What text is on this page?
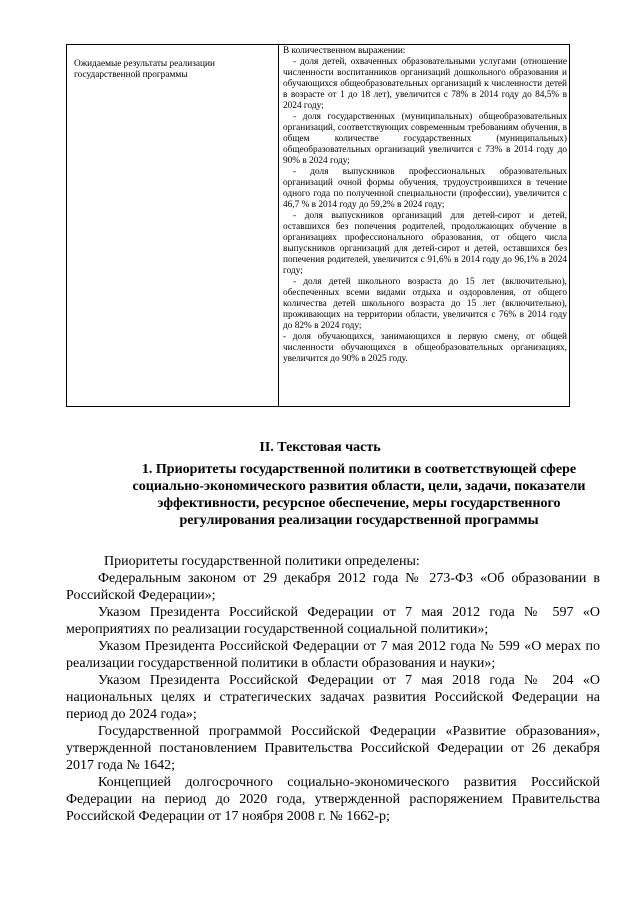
Ожидаемые результаты реализации государственной программы

В количественном выражении:

- доля детей, охваченных образовательными услугами (отношение численности воспитанников организаций дошкольного образования и обучающихся общеобразовательных организаций к численности детей в возрасте от 1 до 18 лет), увеличится с 78% в 2014 году до 84,5% в 2024 году;

- доля государственных (муниципальных) общеобразовательных организаций, соответствующих современным требованиям обучения, в общем количестве государственных (муниципальных) общеобразовательных организаций увеличится с 73% в 2014 году до 90% в 2024 году;

- доля выпускников профессиональных образовательных организаций очной формы обучения, трудоустроившихся в течение одного года по полученной специальности (профессии), увеличится с 46,7 % в 2014 году до 59,2% в 2024 году;

- доля выпускников организаций для детей-сирот и детей, оставшихся без попечения родителей, продолжающих обучение в организациях профессионального образования, от общего числа выпускников организаций для детей-сирот и детей, оставшихся без попечения родителей, увеличится с 91,6% в 2014 году до 96,1% в 2024 году;

- доля детей школьного возраста до 15 лет (включительно), обеспеченных всеми видами отдыха и оздоровления, от общего количества детей школьного возраста до 15 лет (включительно), проживающих на территории области, увеличится с 76% в 2014 году до 82% в 2024 году;

- доля обучающихся, занимающихся в первую смену, от общей численности обучающихся в общеобразовательных организациях, увеличится до 90% в 2025 году.

II. Текстовая часть
1. Приоритеты государственной политики в соответствующей сфере социально-экономического развития области, цели, задачи, показатели эффективности, ресурсное обеспечение, меры государственного регулирования реализации государственной программы

Приоритеты государственной политики определены:

Федеральным законом от 29 декабря 2012 года № 273-ФЗ «Об образовании в Российской Федерации»;

Указом Президента Российской Федерации от 7 мая 2012 года № 597 «О мероприятиях по реализации государственной социальной политики»;

Указом Президента Российской Федерации от 7 мая 2012 года № 599 «О мерах по реализации государственной политики в области образования и науки»;

Указом Президента Российской Федерации от 7 мая 2018 года № 204 «О национальных целях и стратегических задачах развития Российской Федерации на период до 2024 года»;

Государственной программой Российской Федерации «Развитие образования», утвержденной постановлением Правительства Российской Федерации от 26 декабря 2017 года № 1642;

Концепцией долгосрочного социально-экономического развития Российской Федерации на период до 2020 года, утвержденной распоряжением Правительства Российской Федерации от 17 ноября 2008 г. № 1662-р;
